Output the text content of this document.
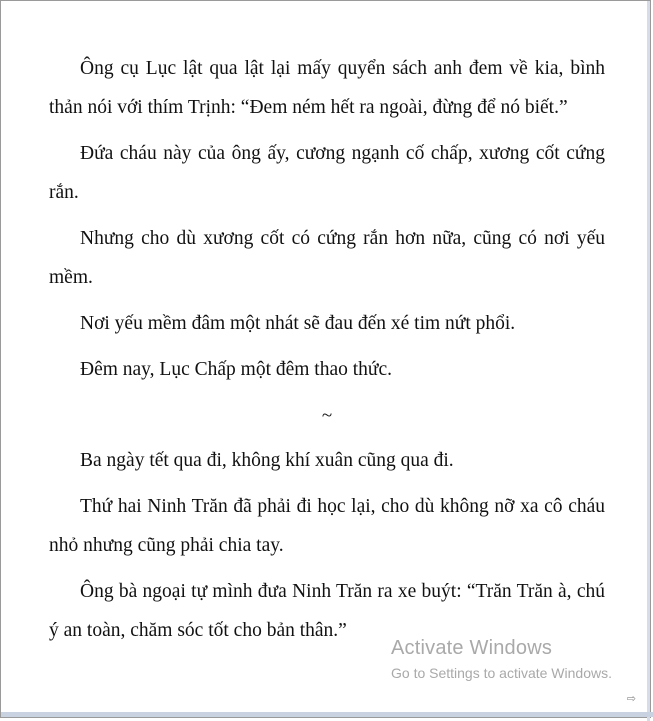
Ông cụ Lục lật qua lật lại mấy quyển sách anh đem về kia, bình thản nói với thím Trịnh: “Đem ném hết ra ngoài, đừng để nó biết.”

Đứa cháu này của ông ấy, cương ngạnh cố chấp, xương cốt cứng rắn.

Nhưng cho dù xương cốt có cứng rắn hơn nữa, cũng có nơi yếu mềm.

Nơi yếu mềm đâm một nhát sẽ đau đến xé tim nứt phổi.

Đêm nay, Lục Chấp một đêm thao thức.

~

Ba ngày tết qua đi, không khí xuân cũng qua đi.

Thứ hai Ninh Trăn đã phải đi học lại, cho dù không nỡ xa cô cháu nhỏ nhưng cũng phải chia tay.

Ông bà ngoại tự mình đưa Ninh Trăn ra xe buýt: “Trăn Trăn à, chú ý an toàn, chăm sóc tốt cho bản thân.”

Activate Windows
Go to Settings to activate Windows.
⇨
